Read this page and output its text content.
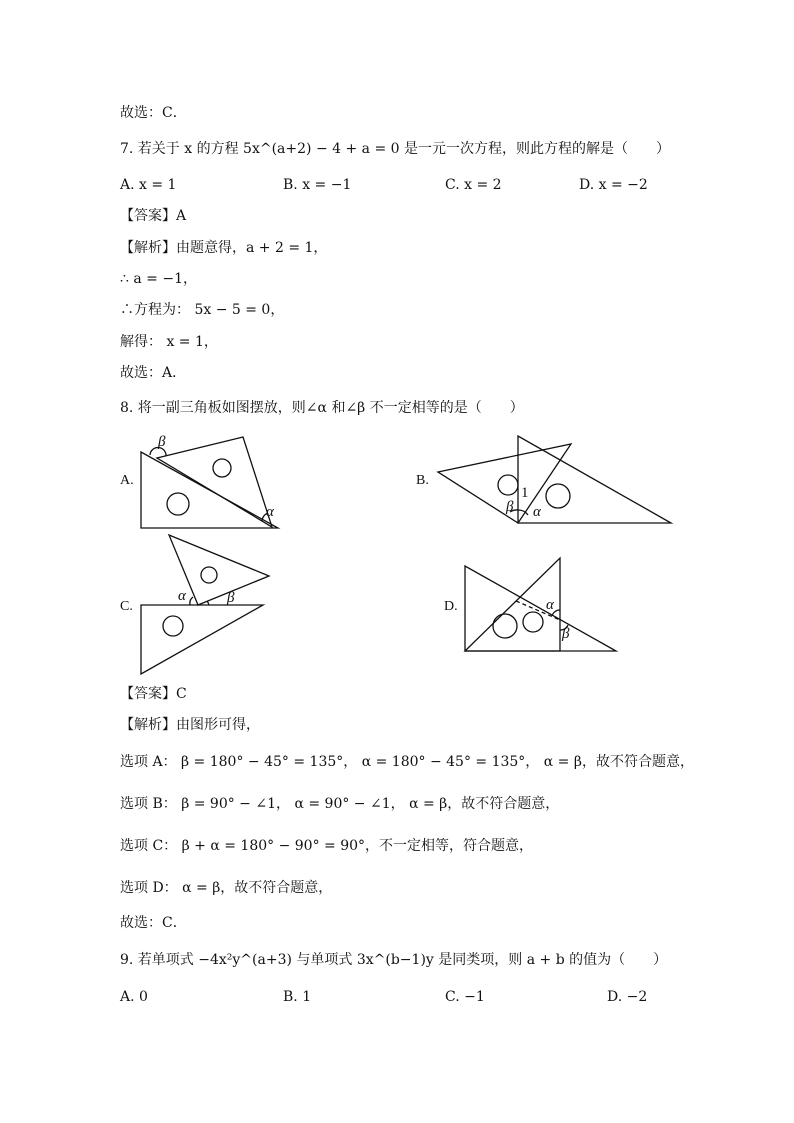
故选：C．
7. 若关于 x 的方程 5x^(a+2) − 4 + a = 0 是一元一次方程，则此方程的解是（　　）
A. x = 1	B. x = −1	C. x = 2	D. x = −2
【答案】A
【解析】由题意得，a + 2 = 1，
∴ a = −1，
∴方程为： 5x − 5 = 0，
解得： x = 1，
故选：A．
8. 将一副三角板如图摆放，则∠α 和∠β 不一定相等的是（　　）
A.
β
α
B.
1
β α
C.
α	β
D.	α
β
【答案】C
【解析】由图形可得，
选项 A： β = 180° − 45° = 135°， α = 180° − 45° = 135°， α = β，故不符合题意，
选项 B： β = 90° − ∠1， α = 90° − ∠1， α = β，故不符合题意，
选项 C： β + α = 180° − 90° = 90°，不一定相等，符合题意，
选项 D： α = β，故不符合题意，
故选：C．
9. 若单项式 −4x²y^(a+3) 与单项式 3x^(b−1)y 是同类项，则 a + b 的值为（　　）
A. 0	B. 1	C. −1	D. −2
